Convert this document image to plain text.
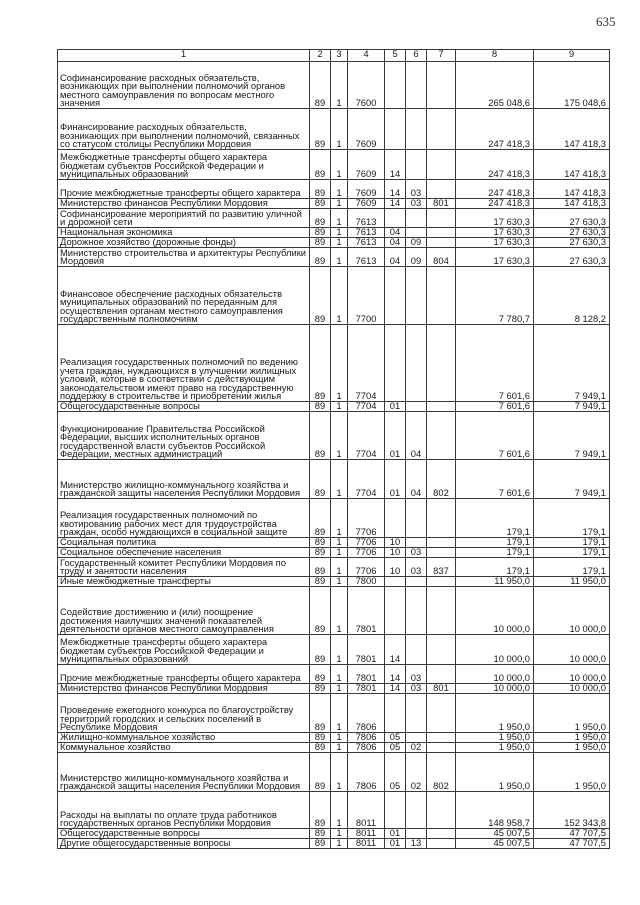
635
1	2	3	4	5	6	7	8	9
Софинансирование расходных обязательств, возникающих при выполнении полномочий органов местного самоуправления по вопросам местного значения	89	1	7600				265 048,6	175 048,6
Финансирование расходных обязательств, возникающих при выполнении полномочий, связанных со статусом столицы Республики Мордовия	89	1	7609				247 418,3	147 418,3
Межбюджетные трансферты общего характера бюджетам субъектов Российской Федерации и муниципальных образований	89	1	7609	14			247 418,3	147 418,3
Прочие межбюджетные трансферты общего характера	89	1	7609	14	03		247 418,3	147 418,3
Министерство финансов Республики Мордовия	89	1	7609	14	03	801	247 418,3	147 418,3
Софинансирование мероприятий по развитию уличной и дорожной сети	89	1	7613				17 630,3	27 630,3
Национальная экономика	89	1	7613	04			17 630,3	27 630,3
Дорожное хозяйство (дорожные фонды)	89	1	7613	04	09		17 630,3	27 630,3
Министерство строительства и архитектуры Республики Мордовия	89	1	7613	04	09	804	17 630,3	27 630,3
Финансовое обеспечение расходных обязательств муниципальных образований по переданным для осуществления органам местного самоуправления государственным полномочиям	89	1	7700				7 780,7	8 128,2
Реализация государственных полномочий по ведению учета граждан, нуждающихся в улучшении жилищных условий, которые в соответствии с действующим законодательством имеют право на государственную поддержку в строительстве и приобретении жилья	89	1	7704				7 601,6	7 949,1
Общегосударственные вопросы	89	1	7704	01			7 601,6	7 949,1
Функционирование Правительства Российской Федерации, высших исполнительных органов государственной власти субъектов Российской Федерации, местных администраций	89	1	7704	01	04		7 601,6	7 949,1
Министерство жилищно-коммунального хозяйства и гражданской защиты населения Республики Мордовия	89	1	7704	01	04	802	7 601,6	7 949,1
Реализация государственных полномочий по квотированию рабочих мест для трудоустройства граждан, особо нуждающихся в социальной защите	89	1	7706				179,1	179,1
Социальная политика	89	1	7706	10			179,1	179,1
Социальное обеспечение населения	89	1	7706	10	03		179,1	179,1
Государственный комитет Республики Мордовия по труду и занятости населения	89	1	7706	10	03	837	179,1	179,1
Иные межбюджетные трансферты	89	1	7800				11 950,0	11 950,0
Содействие достижению и (или) поощрение достижения наилучших значений показателей деятельности органов местного самоуправления	89	1	7801				10 000,0	10 000,0
Межбюджетные трансферты общего характера бюджетам субъектов Российской Федерации и муниципальных образований	89	1	7801	14			10 000,0	10 000,0
Прочие межбюджетные трансферты общего характера	89	1	7801	14	03		10 000,0	10 000,0
Министерство финансов Республики Мордовия	89	1	7801	14	03	801	10 000,0	10 000,0
Проведение ежегодного конкурса по благоустройству территорий городских и сельских поселений в Республике Мордовия	89	1	7806				1 950,0	1 950,0
Жилищно-коммунальное хозяйство	89	1	7806	05			1 950,0	1 950,0
Коммунальное хозяйство	89	1	7806	05	02		1 950,0	1 950,0
Министерство жилищно-коммунального хозяйства и гражданской защиты населения Республики Мордовия	89	1	7806	05	02	802	1 950,0	1 950,0
Расходы на выплаты по оплате труда работников государственных органов Республики Мордовия	89	1	8011				148 958,7	152 343,8
Общегосударственные вопросы	89	1	8011	01			45 007,5	47 707,5
Другие общегосударственные вопросы	89	1	8011	01	13		45 007,5	47 707,5
